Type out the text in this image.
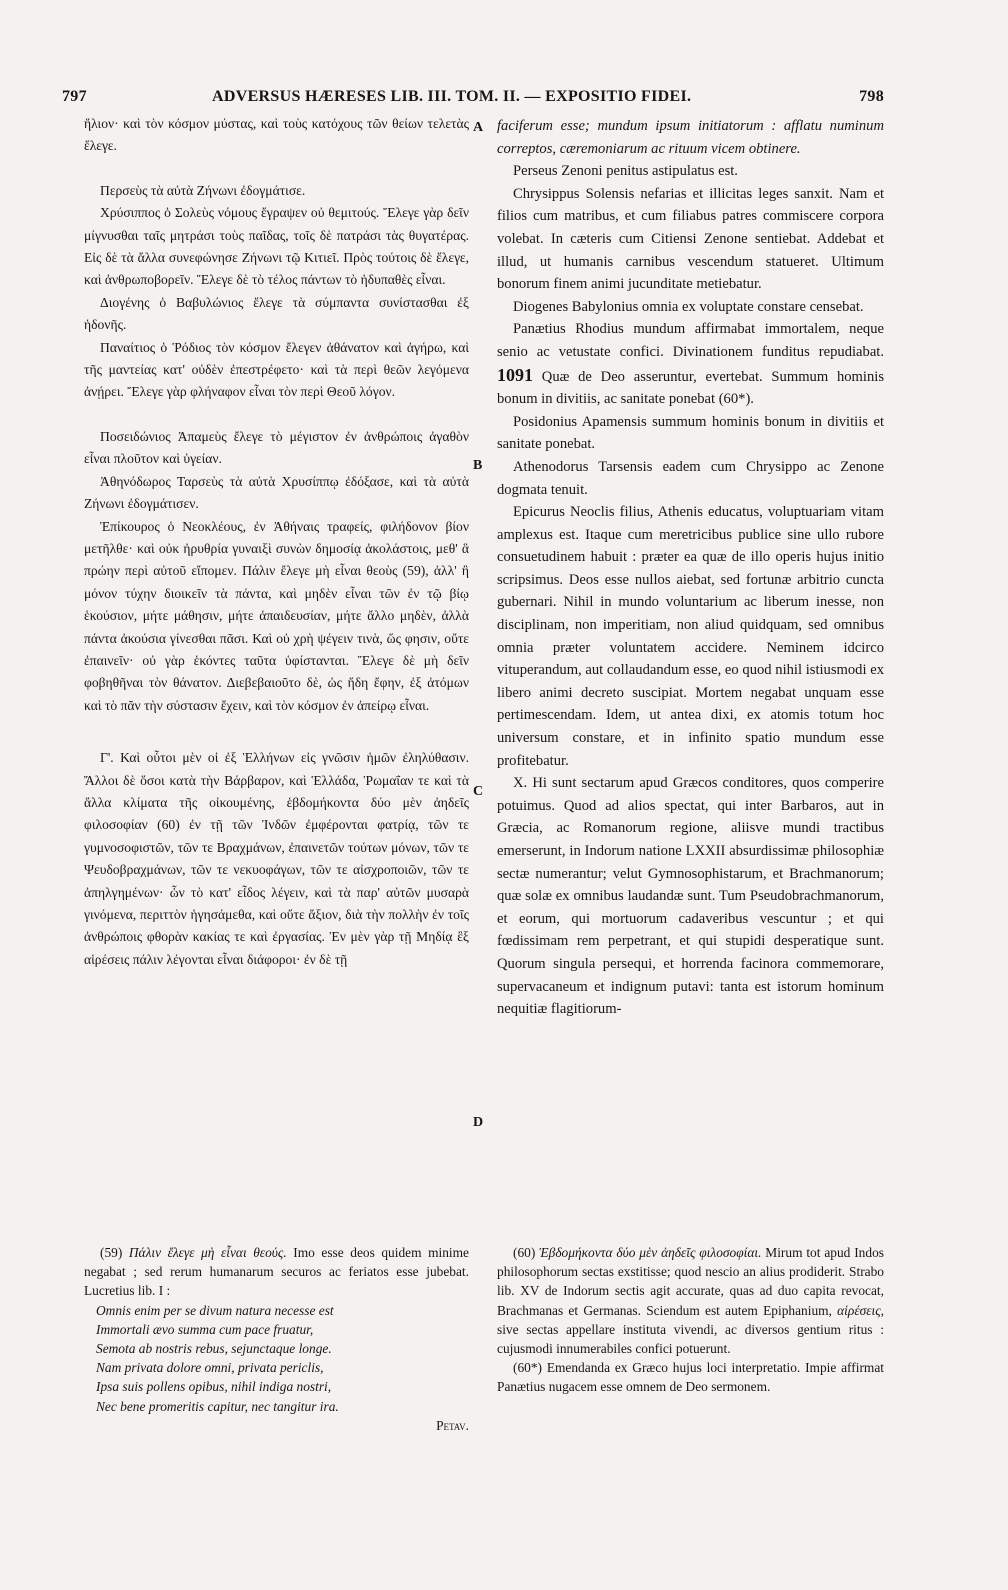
797	ADVERSUS HÆRESES LIB. III. TOM. II. — EXPOSITIO FIDEI.	798

ἥλιον· καὶ τὸν κόσμον μύστας, καὶ τοὺς κατόχους τῶν θείων τελετὰς ἔλεγε.

Περσεὺς τὰ αὐτὰ Ζήνωνι ἐδογμάτισε.

Χρύσιππος ὁ Σολεὺς νόμους ἔγραψεν οὐ θεμιτούς. Ἔλεγε γὰρ δεῖν μίγνυσθαι ταῖς μητράσι τοὺς παῖδας, τοῖς δὲ πατράσι τὰς θυγατέρας. Εἰς δὲ τὰ ἄλλα συνεφώνησε Ζήνωνι τῷ Κιτιεῖ. Πρὸς τούτοις δὲ ἔλεγε, καὶ ἀνθρωποβορεῖν. Ἔλεγε δὲ τὸ τέλος πάντων τὸ ἡδυπαθὲς εἶναι.

Διογένης ὁ Βαβυλώνιος ἔλεγε τὰ σύμπαντα συνίστασθαι ἐξ ἡδονῆς.

Παναίτιος ὁ Ῥόδιος τὸν κόσμον ἔλεγεν ἀθάνατον καὶ ἀγήρω, καὶ τῆς μαντείας κατ' οὐδὲν ἐπεστρέφετο· καὶ τὰ περὶ θεῶν λεγόμενα ἀνῄρει. Ἔλεγε γὰρ φλήναφον εἶναι τὸν περὶ Θεοῦ λόγον.

Ποσειδώνιος Ἀπαμεὺς ἔλεγε τὸ μέγιστον ἐν ἀνθρώποις ἀγαθὸν εἶναι πλοῦτον καὶ ὑγείαν.

Ἀθηνόδωρος Ταρσεὺς τὰ αὐτὰ Χρυσίππῳ ἐδόξασε, καὶ τὰ αὐτὰ Ζήνωνι ἐδογμάτισεν.

Ἐπίκουρος ὁ Νεοκλέους, ἐν Ἀθήναις τραφείς, φιλήδονον βίον μετῆλθε· καὶ οὐκ ἠρυθρία γυναιξὶ συνὼν δημοσίᾳ ἀκολάστοις, μεθ' ἃ πρώην περὶ αὐτοῦ εἴπομεν. Πάλιν ἔλεγε μὴ εἶναι θεοὺς (59), ἀλλ' ἢ μόνον τύχην διοικεῖν τὰ πάντα, καὶ μηδὲν εἶναι τῶν ἐν τῷ βίῳ ἑκούσιον, μήτε μάθησιν, μήτε ἀπαιδευσίαν, μήτε ἄλλο μηδὲν, ἀλλὰ πάντα ἀκούσια γίνεσθαι πᾶσι. Καὶ οὐ χρὴ ψέγειν τινὰ, ὥς φησιν, οὔτε ἐπαινεῖν· οὐ γὰρ ἑκόντες ταῦτα ὑφίστανται. Ἔλεγε δὲ μὴ δεῖν φοβηθῆναι τὸν θάνατον. Διεβεβαιοῦτο δὲ, ὡς ἤδη ἔφην, ἐξ ἀτόμων καὶ τὸ πᾶν τὴν σύστασιν ἔχειν, καὶ τὸν κόσμον ἐν ἀπείρῳ εἶναι.

Γ'. Καὶ οὗτοι μὲν οἱ ἐξ Ἑλλήνων εἰς γνῶσιν ἡμῶν ἐληλύθασιν. Ἄλλοι δὲ ὅσοι κατὰ τὴν Βάρβαρον, καὶ Ἑλλάδα, Ῥωμαΐαν τε καὶ τὰ ἄλλα κλίματα τῆς οἰκουμένης, ἑβδομήκοντα δύο μὲν ἀηδεῖς φιλοσοφίαν (60) ἐν τῇ τῶν Ἰνδῶν ἐμφέρονται φατρίᾳ, τῶν τε γυμνοσοφιστῶν, τῶν τε Βραχμάνων, ἐπαινετῶν τούτων μόνων, τῶν τε Ψευδοβραχμάνων, τῶν τε νεκυοφάγων, τῶν τε αἰσχροποιῶν, τῶν τε ἀπηλγημένων· ὧν τὸ κατ' εἶδος λέγειν, καὶ τὰ παρ' αὐτῶν μυσαρὰ γινόμενα, περιττὸν ἡγησάμεθα, καὶ οὔτε ἄξιον, διὰ τὴν πολλὴν ἐν τοῖς ἀνθρώποις φθορὰν κακίας τε καὶ ἐργασίας. Ἐν μὲν γὰρ τῇ Μηδίᾳ ἒξ αἱρέσεις πάλιν λέγονται εἶναι διάφοροι· ἐν δὲ τῇ

A
B
C
D

faciferum esse; mundum ipsum initiatorum : afflatu numinum correptos, cæremoniarum ac rituum vicem obtinere.

Perseus Zenoni penitus astipulatus est.

Chrysippus Solensis nefarias et illicitas leges sanxit. Nam et filios cum matribus, et cum filiabus patres commiscere corpora volebat. In cæteris cum Citiensi Zenone sentiebat. Addebat et illud, ut humanis carnibus vescendum statueret. Ultimum bonorum finem animi jucunditate metiebatur.

Diogenes Babylonius omnia ex voluptate constare censebat.

Panætius Rhodius mundum affirmabat immortalem, neque senio ac vetustate confici. Divinationem funditus repudiabat. 1091 Quæ de Deo asseruntur, evertebat. Summum hominis bonum in divitiis, ac sanitate ponebat (60*).

Posidonius Apamensis summum hominis bonum in divitiis et sanitate ponebat.

Athenodorus Tarsensis eadem cum Chrysippo ac Zenone dogmata tenuit.

Epicurus Neoclis filius, Athenis educatus, voluptuariam vitam amplexus est. Itaque cum meretricibus publice sine ullo rubore consuetudinem habuit : præter ea quæ de illo operis hujus initio scripsimus. Deos esse nullos aiebat, sed fortunæ arbitrio cuncta gubernari. Nihil in mundo voluntarium ac liberum inesse, non disciplinam, non imperitiam, non aliud quidquam, sed omnibus omnia præter voluntatem accidere. Neminem idcirco vituperandum, aut collaudandum esse, eo quod nihil istiusmodi ex libero animi decreto suscipiat. Mortem negabat unquam esse pertimescendam. Idem, ut antea dixi, ex atomis totum hoc universum constare, et in infinito spatio mundum esse profitebatur.

X. Hi sunt sectarum apud Græcos conditores, quos comperire potuimus. Quod ad alios spectat, qui inter Barbaros, aut in Græcia, ac Romanorum regione, aliisve mundi tractibus emerserunt, in Indorum natione LXXII absurdissimæ philosophiæ sectæ numerantur; velut Gymnosophistarum, et Brachmanorum; quæ solæ ex omnibus laudandæ sunt. Tum Pseudobrachmanorum, et eorum, qui mortuorum cadaveribus vescuntur ; et qui fœdissimam rem perpetrant, et qui stupidi desperatique sunt. Quorum singula persequi, et horrenda facinora commemorare, supervacaneum et indignum putavi: tanta est istorum hominum nequitiæ flagitiorum-

(59) Πάλιν ἔλεγε μὴ εἶναι θεούς. Imo esse deos quidem minime negabat ; sed rerum humanarum securos ac feriatos esse jubebat. Lucretius lib. I :

Omnis enim per se divum natura necesse est
Immortali ævo summa cum pace fruatur,
Semota ab nostris rebus, sejunctaque longe.
Nam privata dolore omni, privata periclis,
Ipsa suis pollens opibus, nihil indiga nostri,
Nec bene promeritis capitur, nec tangitur ira.

Petav.

(60) Ἑβδομήκοντα δύο μὲν ἀηδεῖς φιλοσοφίαι. Mirum tot apud Indos philosophorum sectas exstitisse; quod nescio an alius prodiderit. Strabo lib. XV de Indorum sectis agit accurate, quas ad duo capita revocat, Brachmanas et Germanas. Sciendum est autem Epiphanium, αἱρέσεις, sive sectas appellare instituta vivendi, ac diversos gentium ritus : cujusmodi innumerabiles confici potuerunt.

(60*) Emendanda ex Græco hujus loci interpretatio. Impie affirmat Panætius nugacem esse omnem de Deo sermonem.
